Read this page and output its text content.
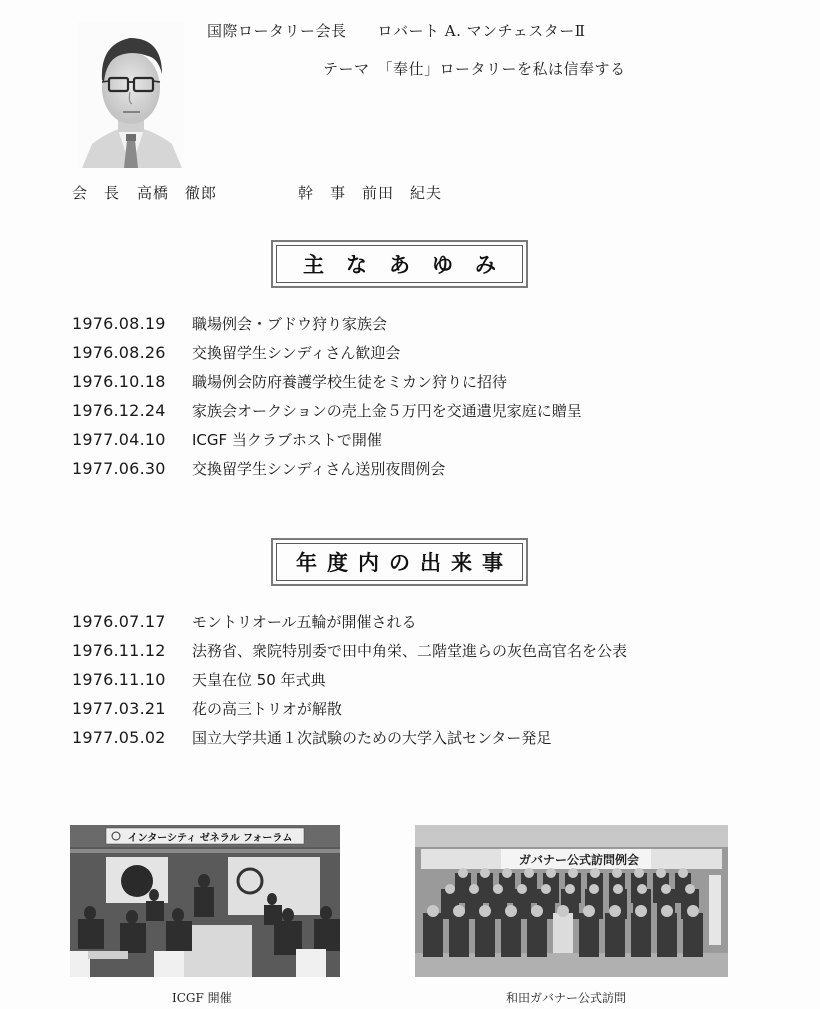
国際ロータリー会長　　ロバート A. マンチェスターⅡ
テーマ　「奉仕」ロータリーを私は信奉する
会　長 高橋　徹郎	幹　事 前田　紀夫
主なあゆみ
1976.08.19	職場例会・ブドウ狩り家族会
1976.08.26	交換留学生シンディさん歓迎会
1976.10.18	職場例会防府養護学校生徒をミカン狩りに招待
1976.12.24	家族会オークションの売上金５万円を交通遺児家庭に贈呈
1977.04.10	ICGF 当クラブホストで開催
1977.06.30	交換留学生シンディさん送別夜間例会
年度内の出来事
1976.07.17	モントリオール五輪が開催される
1976.11.12	法務省、衆院特別委で田中角栄、二階堂進らの灰色高官名を公表
1976.11.10	天皇在位 50 年式典
1977.03.21	花の高三トリオが解散
1977.05.02	国立大学共通１次試験のための大学入試センター発足
インターシティ ゼネラル フォーラム
ガバナー公式訪問例会
ICGF 開催	和田ガバナー公式訪問
